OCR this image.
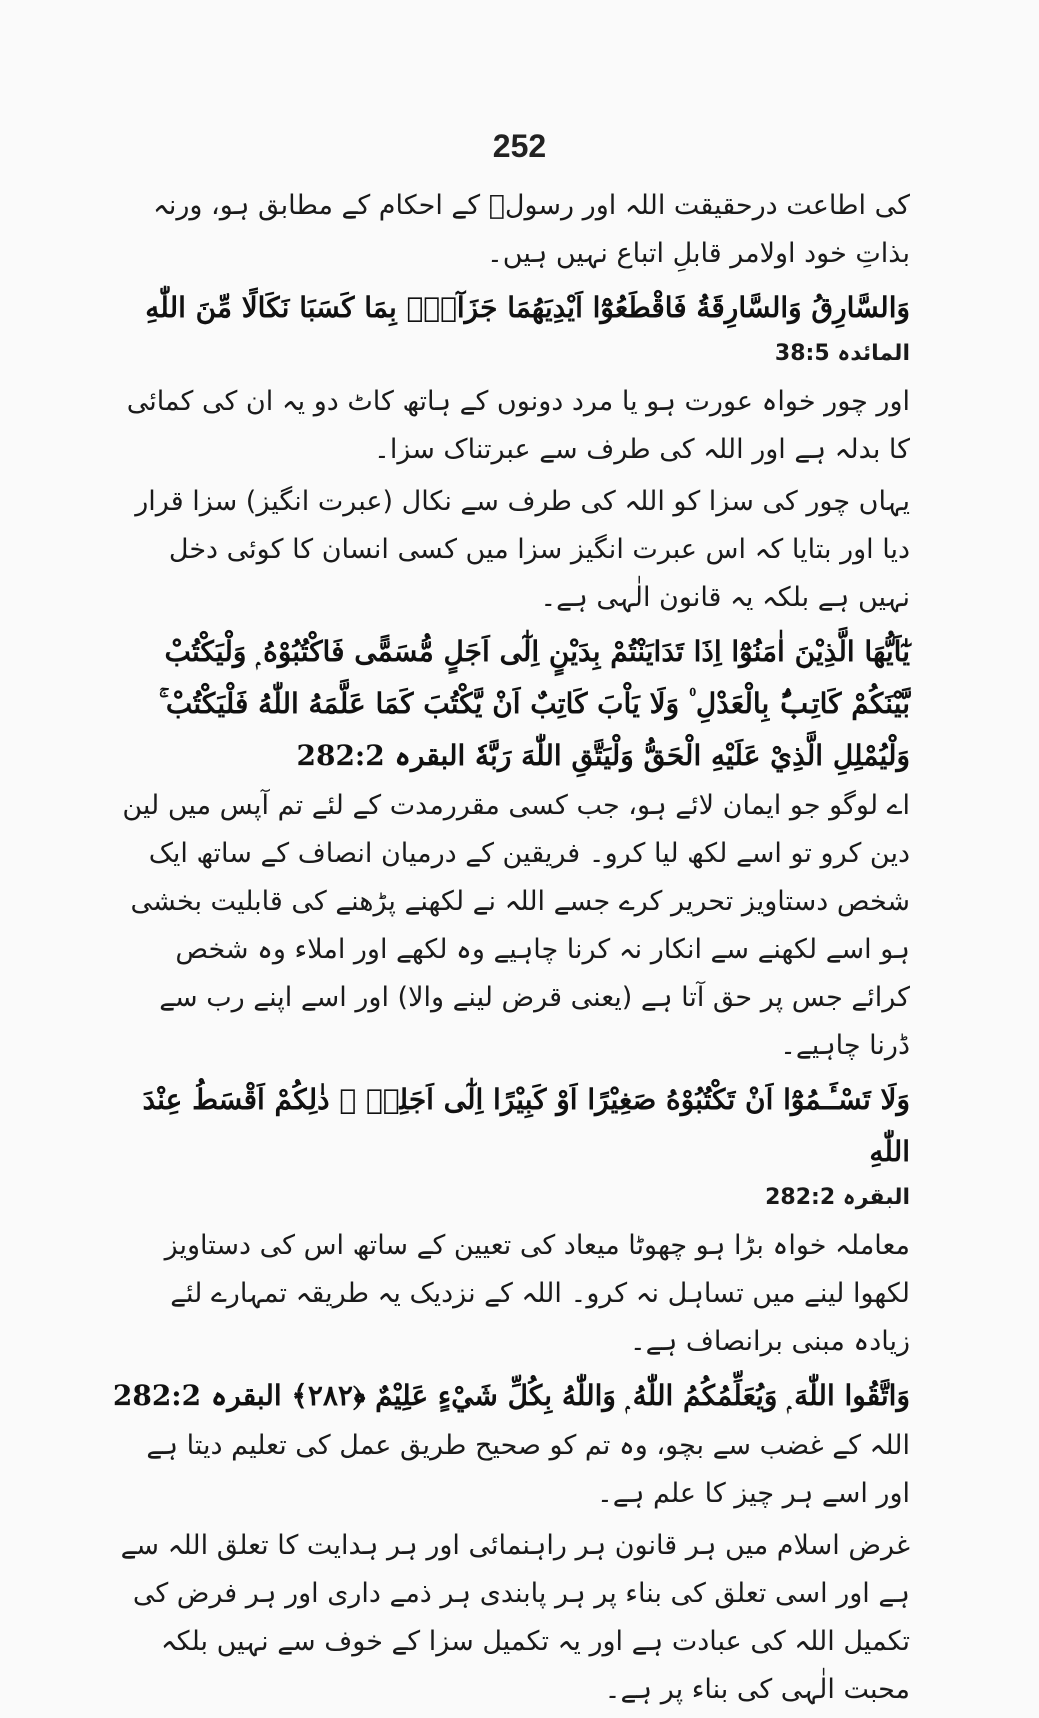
252

کی اطاعت درحقیقت اللہ اور رسولؐ کے احکام کے مطابق ہو، ورنہ بذاتِ خود اولامر قابلِ اتباع نہیں ہیں۔

وَالسَّارِقُ وَالسَّارِقَةُ فَاقْطَعُوْٓا اَيْدِيَهُمَا جَزَآءًۢ بِمَا كَسَبَا نَكَالًا مِّنَ اللّٰهِ

المائدہ 38:5

اور چور خواہ عورت ہو یا مرد دونوں کے ہاتھ کاٹ دو یہ ان کی کمائی کا بدلہ ہے اور اللہ کی طرف سے عبرتناک سزا۔

یہاں چور کی سزا کو اللہ کی طرف سے نکال (عبرت انگیز) سزا قرار دیا اور بتایا کہ اس عبرت انگیز سزا میں کسی انسان کا کوئی دخل نہیں ہے بلکہ یہ قانون الٰہی ہے۔

يٰٓاَيُّهَا الَّذِيْنَ اٰمَنُوْٓا اِذَا تَدَايَنْتُمْ بِدَيْنٍ اِلٰٓى اَجَلٍ مُّسَمًّى فَاكْتُبُوْهُ ۭ وَلْيَكْتُبْ بَّيْنَكُمْ كَاتِبٌۢ بِالْعَدْلِ ۠ وَلَا يَاْبَ كَاتِبٌ اَنْ يَّكْتُبَ كَمَا عَلَّمَهُ اللّٰهُ فَلْيَكْتُبْ ۚ وَلْيُمْلِلِ الَّذِيْ عَلَيْهِ الْحَقُّ وَلْيَتَّقِ اللّٰهَ رَبَّهٗ البقرہ 282:2

اے لوگو جو ایمان لائے ہو، جب کسی مقررمدت کے لئے تم آپس میں لین دین کرو تو اسے لکھ لیا کرو۔ فریقین کے درمیان انصاف کے ساتھ ایک شخص دستاویز تحریر کرے جسے اللہ نے لکھنے پڑھنے کی قابلیت بخشی ہو اسے لکھنے سے انکار نہ کرنا چاہیے وہ لکھے اور املاء وہ شخص کرائے جس پر حق آتا ہے (یعنی قرض لینے والا) اور اسے اپنے رب سے ڈرنا چاہیے۔

وَلَا تَسْـَٔـمُوْٓا اَنْ تَكْتُبُوْهُ صَغِيْرًا اَوْ كَبِيْرًا اِلٰٓى اَجَلِهٖ ۭ ذٰلِكُمْ اَقْسَطُ عِنْدَ اللّٰهِ

البقرہ 282:2

معاملہ خواہ بڑا ہو چھوٹا میعاد کی تعیین کے ساتھ اس کی دستاویز لکھوا لینے میں تساہل نہ کرو۔ اللہ کے نزدیک یہ طریقہ تمہارے لئے زیادہ مبنی برانصاف ہے۔

وَاتَّقُوا اللّٰهَ ۭ وَيُعَلِّمُكُمُ اللّٰهُ ۭ وَاللّٰهُ بِكُلِّ شَيْءٍ عَلِيْمٌ ﴿٢٨٢﴾ البقرہ 282:2

اللہ کے غضب سے بچو، وہ تم کو صحیح طریق عمل کی تعلیم دیتا ہے اور اسے ہر چیز کا علم ہے۔

غرض اسلام میں ہر قانون ہر راہنمائی اور ہر ہدایت کا تعلق اللہ سے ہے اور اسی تعلق کی بناء پر ہر پابندی ہر ذمے داری اور ہر فرض کی تکمیل اللہ کی عبادت ہے اور یہ تکمیل سزا کے خوف سے نہیں بلکہ محبت الٰہی کی بناء پر ہے۔
